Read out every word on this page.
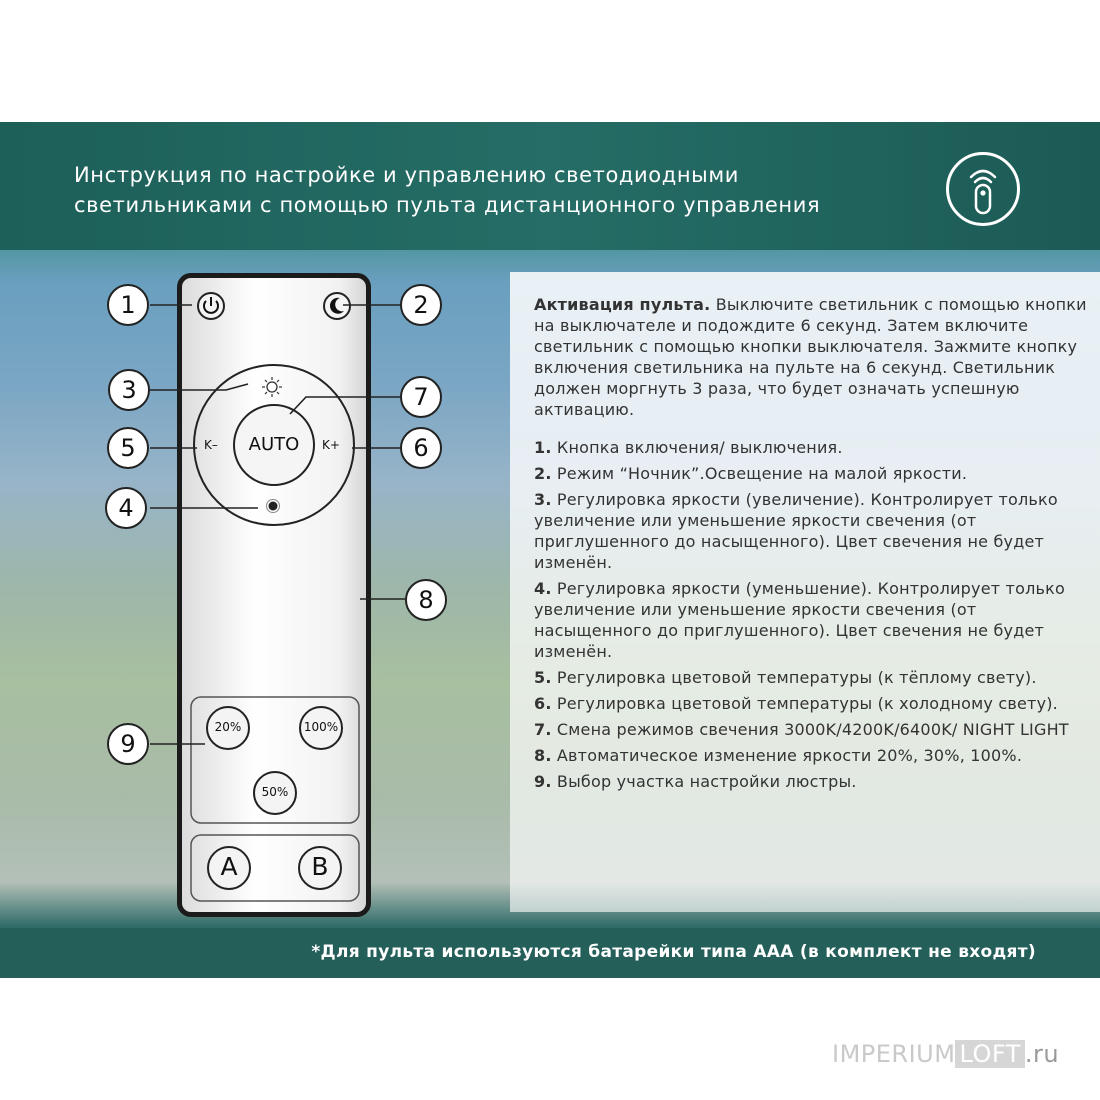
Инструкция по настройке и управлению светодиодными
светильниками с помощью пульта дистанционного управления
AUTO
K–	K+
20%	100%
50%
A	B
1	2
3	7
5	6
4
8
9

Активация пульта. Выключите светильник с помощью кнопки на выключателе и подождите 6 секунд. Затем включите светильник с помощью кнопки выключателя. Зажмите кнопку включения светильника на пульте на 6 секунд. Светильник должен моргнуть 3 раза, что будет означать успешную активацию.

1. Кнопка включения/ выключения.

2. Режим “Ночник”.Освещение на малой яркости.

3. Регулировка яркости (увеличение). Контролирует только увеличение или уменьшение яркости свечения (от приглушенного до насыщенного). Цвет свечения не будет изменён.

4. Регулировка яркости (уменьшение). Контролирует только увеличение или уменьшение яркости свечения (от насыщенного до приглушенного). Цвет свечения не будет изменён.

5. Регулировка цветовой температуры (к тёплому свету).

6. Регулировка цветовой температуры (к холодному свету).

7. Смена режимов свечения 3000K/4200K/6400K/ NIGHT LIGHT

8. Автоматическое изменение яркости 20%, 30%, 100%.

9. Выбор участка настройки люстры.

*Для пульта используются батарейки типа AAA (в комплект не входят)
IMPERIUM LOFT .ru
